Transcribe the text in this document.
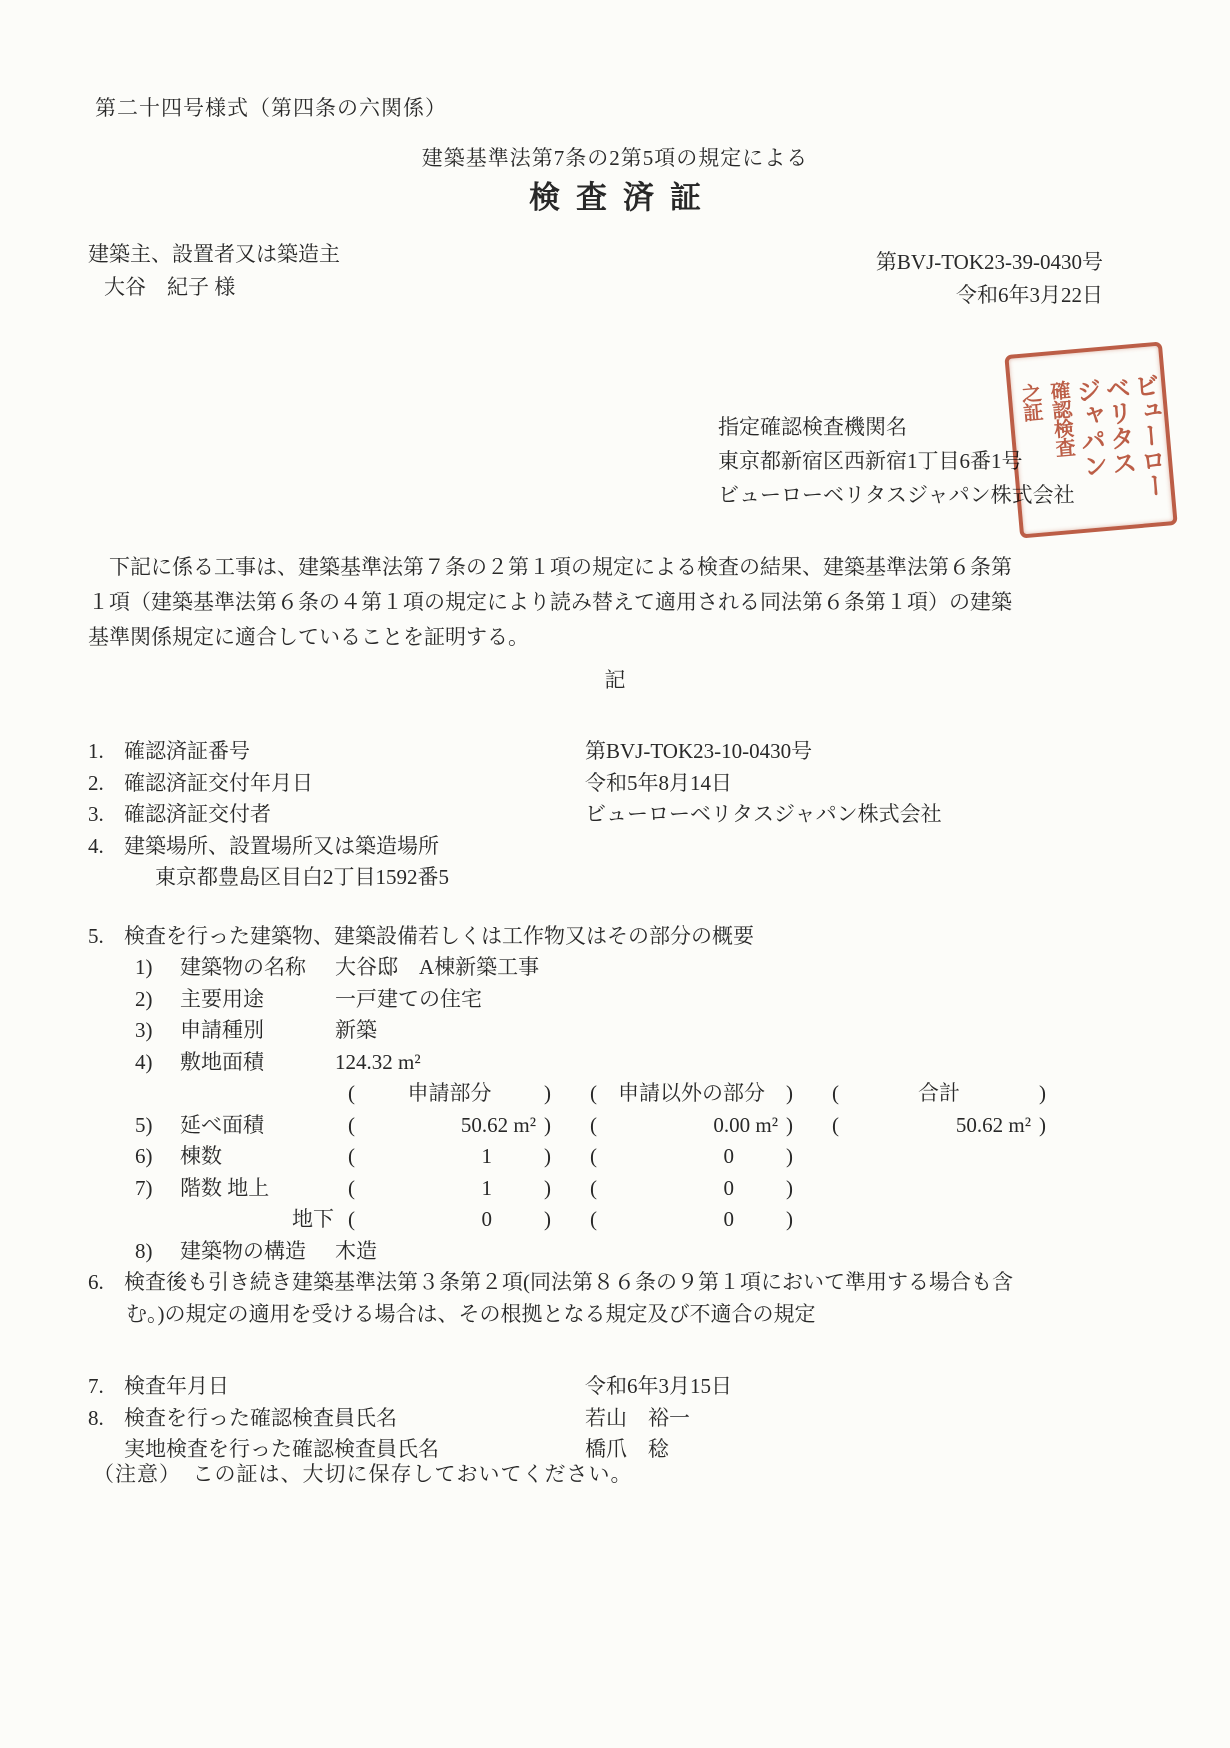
第二十四号様式（第四条の六関係）
建築基準法第7条の2第5項の規定による
検査済証
建築主、設置者又は築造主
大谷　紀子 様
第BVJ-TOK23-39-0430号
令和6年3月22日
指定確認検査機関名
東京都新宿区西新宿1丁目6番1号
ビューローベリタスジャパン株式会社 ビューロー
ベリタス
ジャパン
確認検査
之証
　下記に係る工事は、建築基準法第７条の２第１項の規定による検査の結果、建築基準法第６条第
１項（建築基準法第６条の４第１項の規定により読み替えて適用される同法第６条第１項）の建築
基準関係規定に適合していることを証明する。
記
1. 確認済証番号	第BVJ-TOK23-10-0430号
2. 確認済証交付年月日	令和5年8月14日
3. 確認済証交付者	ビューローベリタスジャパン株式会社
4. 建築場所、設置場所又は築造場所
東京都豊島区目白2丁目1592番5
5. 検査を行った建築物、建築設備若しくは工作物又はその部分の概要
1)	建築物の名称	大谷邸　A棟新築工事
2)	主要用途	一戸建ての住宅
3)	申請種別	新築
4)	敷地面積	124.32 m²
(	申請部分	) (	申請以外の部分	) (	合計	)
5)	延べ面積	(	50.62 m² ) (	0.00 m² ) (	50.62 m² )
6)	棟数	(	1	) (	0	)
7)	階数 地上	(	1	) (	0	)
地下 (	0	) (	0	)
8)	建築物の構造	木造
6. 検査後も引き続き建築基準法第３条第２項(同法第８６条の９第１項において準用する場合も含
む。)の規定の適用を受ける場合は、その根拠となる規定及び不適合の規定
7. 検査年月日	令和6年3月15日
8. 検査を行った確認検査員氏名	若山　裕一
実地検査を行った確認検査員氏名	橋爪　稔
（注意）　この証は、大切に保存しておいてください。
